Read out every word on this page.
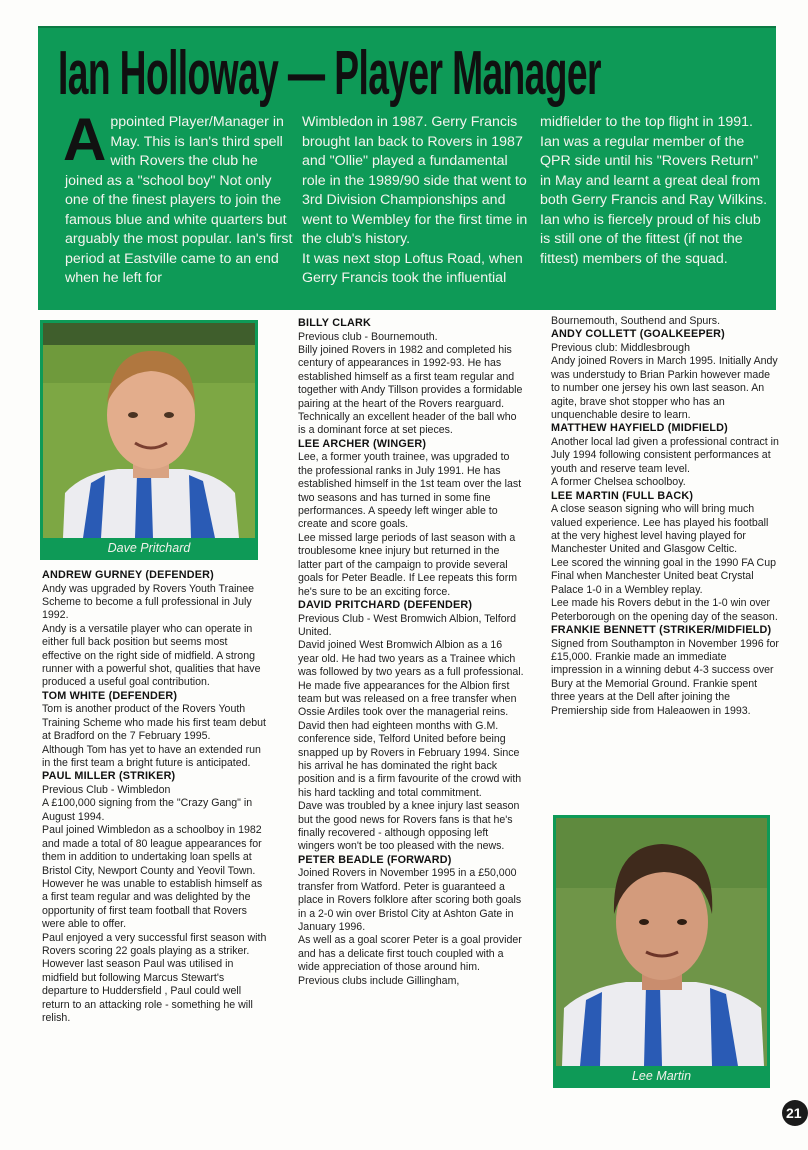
Ian Holloway — Player Manager

Appointed Player/Manager in May. This is Ian's third spell with Rovers the club he joined as a "school boy" Not only one of the finest players to join the famous blue and white quarters but arguably the most popular. Ian's first period at Eastville came to an end when he left for

Wimbledon in 1987. Gerry Francis brought Ian back to Rovers in 1987 and "Ollie" played a fundamental role in the 1989/90 side that went to 3rd Division Championships and went to Wembley for the first time in the club's history.

It was next stop Loftus Road, when Gerry Francis took the influential

midfielder to the top flight in 1991. Ian was a regular member of the QPR side until his "Rovers Return" in May and learnt a great deal from both Gerry Francis and Ray Wilkins.

Ian who is fiercely proud of his club is still one of the fittest (if not the fittest) members of the squad.

Dave Pritchard
ANDREW GURNEY (DEFENDER)

Andy was upgraded by Rovers Youth Trainee Scheme to become a full professional in July 1992.

Andy is a versatile player who can operate in either full back position but seems most effective on the right side of midfield. A strong runner with a powerful shot, qualities that have produced a useful goal contribution.

TOM WHITE (DEFENDER)

Tom is another product of the Rovers Youth Training Scheme who made his first team debut at Bradford on the 7 February 1995.

Although Tom has yet to have an extended run in the first team a bright future is anticipated.

PAUL MILLER (STRIKER)

Previous Club - Wimbledon

A £100,000 signing from the "Crazy Gang" in August 1994.

Paul joined Wimbledon as a schoolboy in 1982 and made a total of 80 league appearances for them in addition to undertaking loan spells at Bristol City, Newport County and Yeovil Town. However he was unable to establish himself as a first team regular and was delighted by the opportunity of first team football that Rovers were able to offer.

Paul enjoyed a very successful first season with Rovers scoring 22 goals playing as a striker. However last season Paul was utilised in midfield but following Marcus Stewart's departure to Huddersfield , Paul could well return to an attacking role - something he will relish.

BILLY CLARK

Previous club - Bournemouth.

Billy joined Rovers in 1982 and completed his century of appearances in 1992-93. He has established himself as a first team regular and together with Andy Tillson provides a formidable pairing at the heart of the Rovers rearguard. Technically an excellent header of the ball who is a dominant force at set pieces.

LEE ARCHER (WINGER)

Lee, a former youth trainee, was upgraded to the professional ranks in July 1991. He has established himself in the 1st team over the last two seasons and has turned in some fine performances. A speedy left winger able to create and score goals.

Lee missed large periods of last season with a troublesome knee injury but returned in the latter part of the campaign to provide several goals for Peter Beadle. If Lee repeats this form he's sure to be an exciting force.

DAVID PRITCHARD (DEFENDER)

Previous Club - West Bromwich Albion, Telford United.

David joined West Bromwich Albion as a 16 year old. He had two years as a Trainee which was followed by two years as a full professional. He made five appearances for the Albion first team but was released on a free transfer when Ossie Ardiles took over the managerial reins. David then had eighteen months with G.M. conference side, Telford United before being snapped up by Rovers in February 1994. Since his arrival he has dominated the right back position and is a firm favourite of the crowd with his hard tackling and total commitment.

Dave was troubled by a knee injury last season but the good news for Rovers fans is that he's finally recovered - although opposing left wingers won't be too pleased with the news.

PETER BEADLE (FORWARD)

Joined Rovers in November 1995 in a £50,000 transfer from Watford. Peter is guaranteed a place in Rovers folklore after scoring both goals in a 2-0 win over Bristol City at Ashton Gate in January 1996.

As well as a goal scorer Peter is a goal provider and has a delicate first touch coupled with a wide appreciation of those around him.

Previous clubs include Gillingham,

Bournemouth, Southend and Spurs.

ANDY COLLETT (GOALKEEPER)

Previous club: Middlesbrough

Andy joined Rovers in March 1995. Initially Andy was understudy to Brian Parkin however made to number one jersey his own last season. An agite, brave shot stopper who has an unquenchable desire to learn.

MATTHEW HAYFIELD (MIDFIELD)

Another local lad given a professional contract in July 1994 following consistent performances at youth and reserve team level.

A former Chelsea schoolboy.

LEE MARTIN (FULL BACK)

A close season signing who will bring much valued experience. Lee has played his football at the very highest level having played for Manchester United and Glasgow Celtic.

Lee scored the winning goal in the 1990 FA Cup Final when Manchester United beat Crystal Palace 1-0 in a Wembley replay.

Lee made his Rovers debut in the 1-0 win over Peterborough on the opening day of the season.

FRANKIE BENNETT (STRIKER/MIDFIELD)

Signed from Southampton in November 1996 for £15,000. Frankie made an immediate impression in a winning debut 4-3 success over Bury at the Memorial Ground. Frankie spent three years at the Dell after joining the Premiership side from Haleaowen in 1993.

Lee Martin
21
